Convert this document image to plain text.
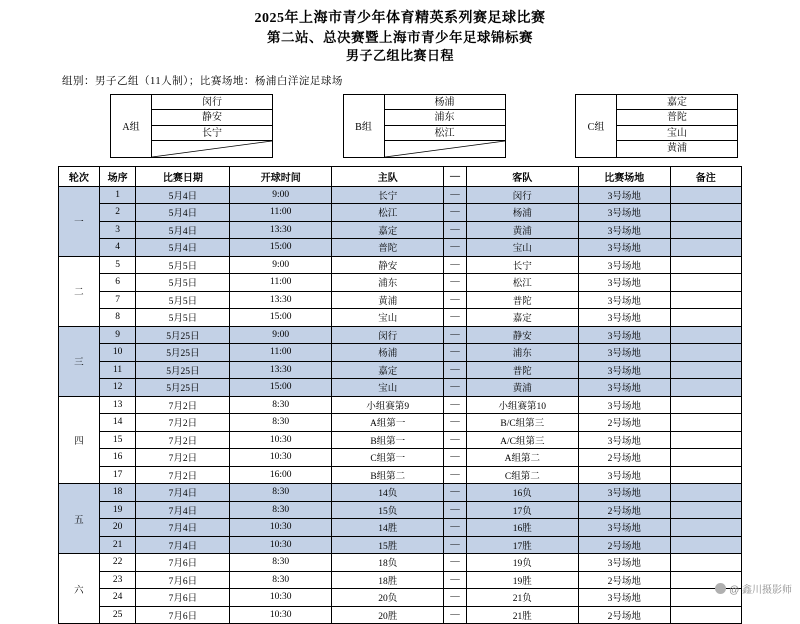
2025年上海市青少年体育精英系列赛足球比赛
第二站、总决赛暨上海市青少年足球锦标赛
男子乙组比赛日程
组别：男子乙组（11人制）；比赛场地：杨浦白洋淀足球场
A组
闵行
静安
长宁	B组
杨浦
浦东
松江	C组
嘉定
普陀
宝山
黄浦
轮次	场序	比赛日期	开球时间	主队	—	客队	比赛场地	备注
一	1	5月4日	9:00	长宁	—	闵行	3号场地	
	2	5月4日	11:00	松江	—	杨浦	3号场地	
	3	5月4日	13:30	嘉定	—	黄浦	3号场地	
	4	5月4日	15:00	普陀	—	宝山	3号场地	
二	5	5月5日	9:00	静安	—	长宁	3号场地	
	6	5月5日	11:00	浦东	—	松江	3号场地	
	7	5月5日	13:30	黄浦	—	普陀	3号场地	
	8	5月5日	15:00	宝山	—	嘉定	3号场地	
三	9	5月25日	9:00	闵行	—	静安	3号场地	
	10	5月25日	11:00	杨浦	—	浦东	3号场地	
	11	5月25日	13:30	嘉定	—	普陀	3号场地	
	12	5月25日	15:00	宝山	—	黄浦	3号场地	
四	13	7月2日	8:30	小组赛第9	—	小组赛第10	3号场地	
	14	7月2日	8:30	A组第一	—	B/C组第三	2号场地	
	15	7月2日	10:30	B组第一	—	A/C组第三	3号场地	
	16	7月2日	10:30	C组第一	—	A组第二	2号场地	
	17	7月2日	16:00	B组第二	—	C组第二	3号场地	
五	18	7月4日	8:30	14负	—	16负	3号场地	
	19	7月4日	8:30	15负	—	17负	2号场地	
	20	7月4日	10:30	14胜	—	16胜	3号场地	
	21	7月4日	10:30	15胜	—	17胜	2号场地	
六	22	7月6日	8:30	18负	—	19负	3号场地	
	23	7月6日	8:30	18胜	—	19胜	2号场地	
	24	7月6日	10:30	20负	—	21负	3号场地	
	25	7月6日	10:30	20胜	—	21胜	2号场地	
@ 鑫川摄影师
